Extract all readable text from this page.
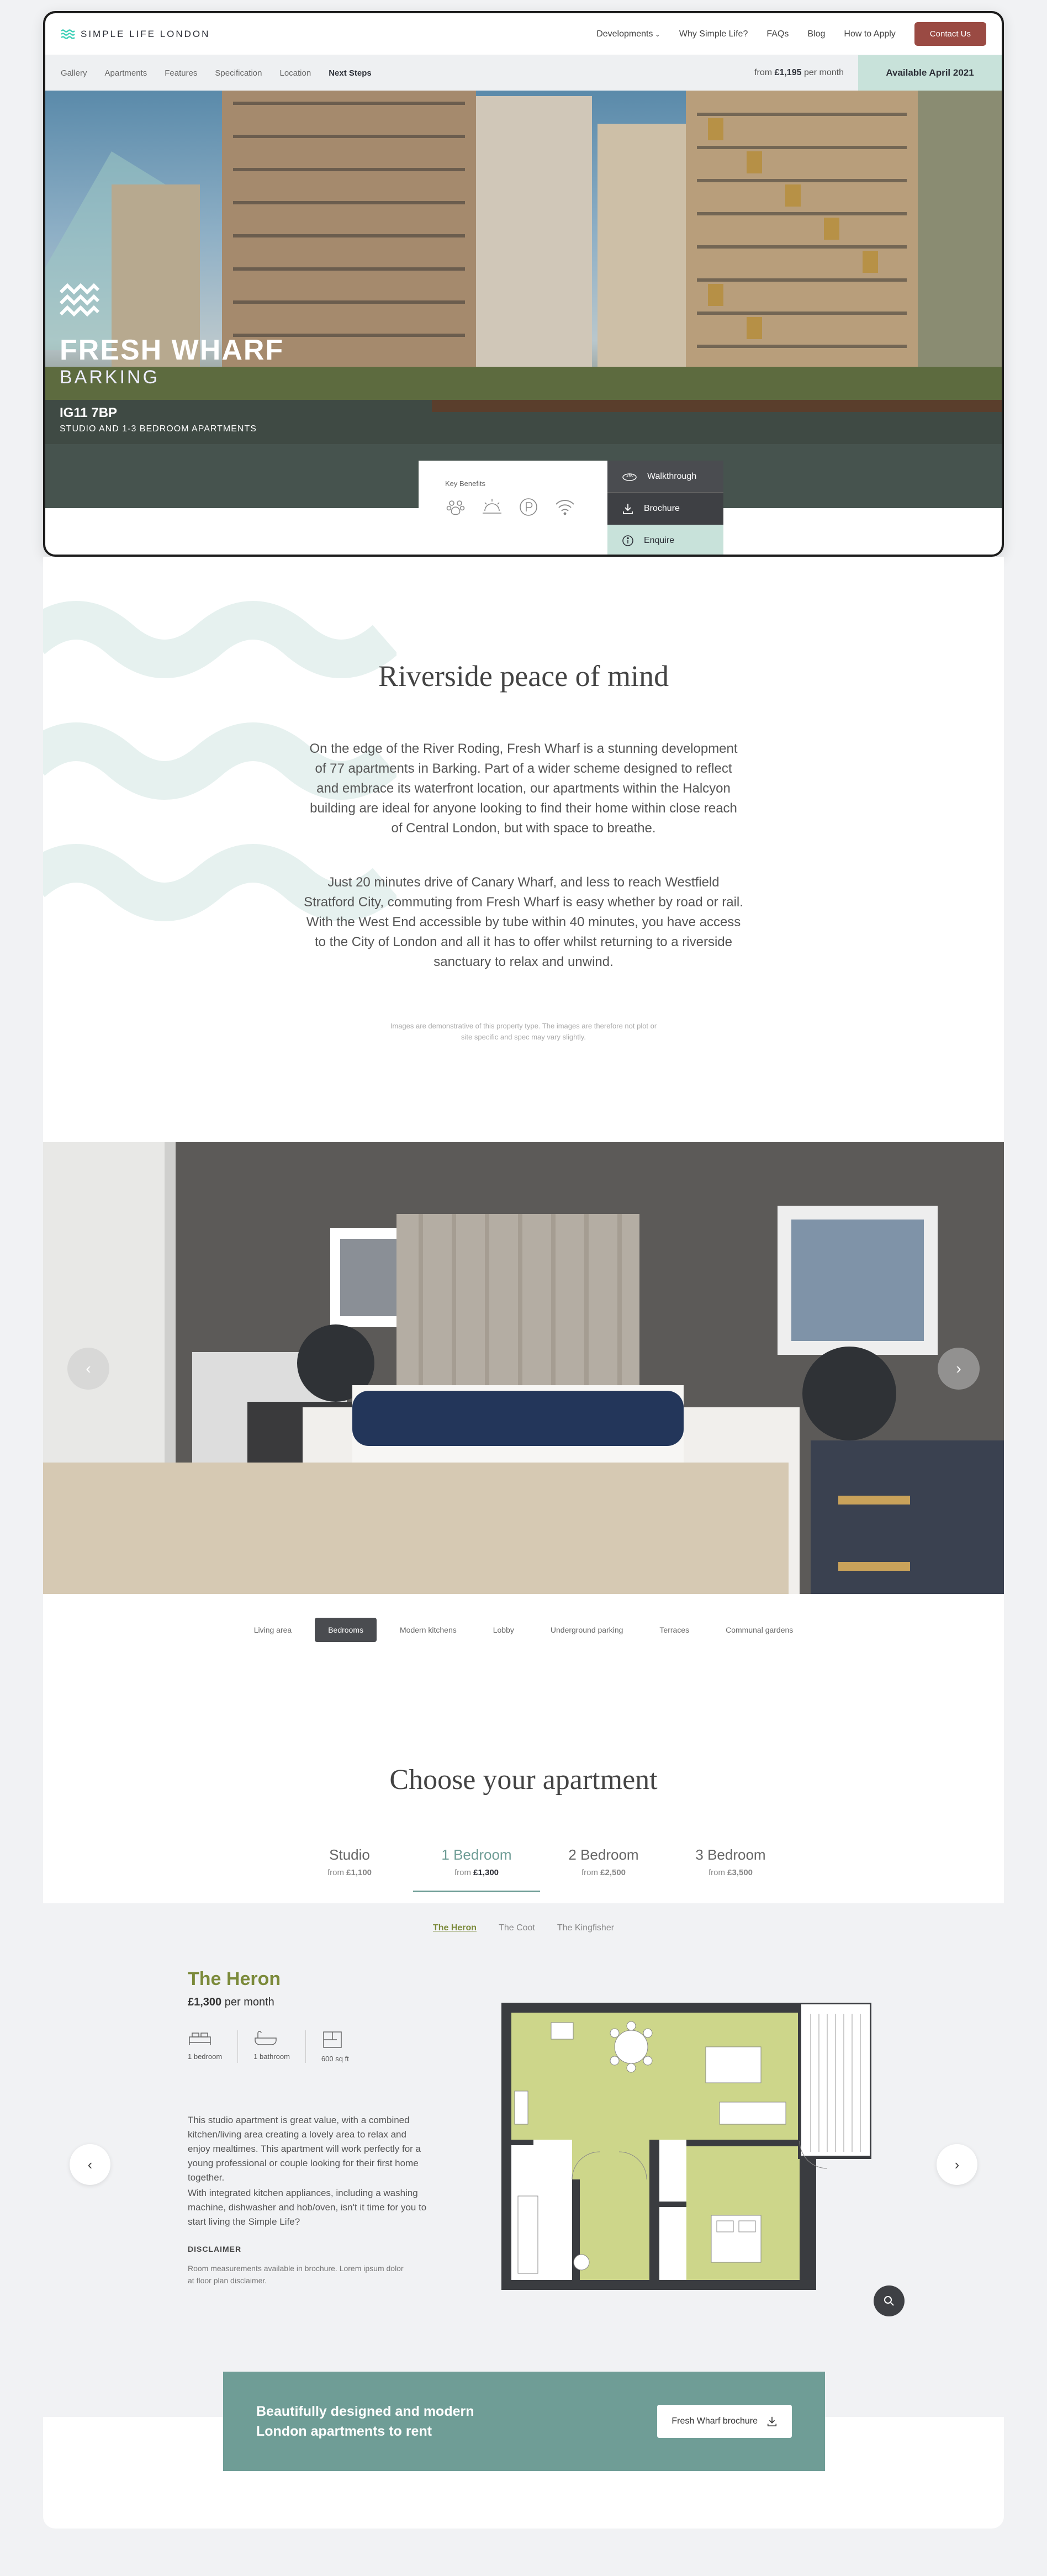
SIMPLE LIFE LONDON	Developments ⌄	Why Simple Life? FAQs Blog How to Apply	Contact Us
Gallery Apartments Features Specification Location Next Steps	from £1,195 per month	Available April 2021
FRESH WHARF
BARKING
IG11 7BP
STUDIO AND 1-3 BEDROOM APARTMENTS
Key Benefits
360 Walkthrough
Brochure
Enquire
Riverside peace of mind

On the edge of the River Roding, Fresh Wharf is a stunning development of 77 apartments in Barking. Part of a wider scheme designed to reflect and embrace its waterfront location, our apartments within the Halcyon building are ideal for anyone looking to find their home within close reach of Central London, but with space to breathe.

Just 20 minutes drive of Canary Wharf, and less to reach Westfield Stratford City, commuting from Fresh Wharf is easy whether by road or rail. With the West End accessible by tube within 40 minutes, you have access to the City of London and all it has to offer whilst returning to a riverside sanctuary to relax and unwind.

Images are demonstrative of this property type. The images are therefore not plot or site specific and spec may vary slightly.

‹	›
Living area	Bedrooms	Modern kitchens	Lobby	Underground parking	Terraces	Communal gardens
Choose your apartment
Studio
from £1,100
1 Bedroom
from £1,300
2 Bedroom
from £2,500
3 Bedroom
from £3,500
The Heron	The Coot	The Kingfisher
The Heron
£1,300 per month
1 bedroom	1 bathroom	600 sq ft

This studio apartment is great value, with a combined kitchen/living area creating a lovely area to relax and enjoy mealtimes. This apartment will work perfectly for a young professional or couple looking for their first home together.

With integrated kitchen appliances, including a washing machine, dishwasher and hob/oven, isn't it time for you to start living the Simple Life?

DISCLAIMER

Room measurements available in brochure. Lorem ipsum dolor at floor plan disclaimer.

‹	›
Beautifully designed and modern
London apartments to rent
Fresh Wharf brochure
